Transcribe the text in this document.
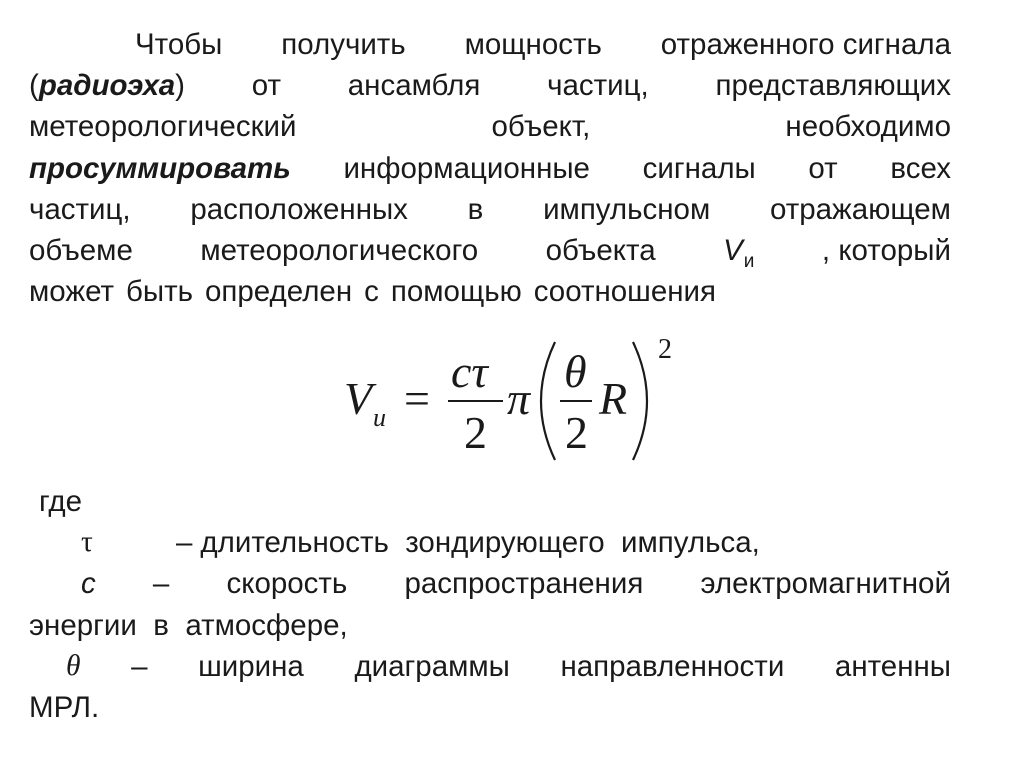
Чтобы получить мощность отраженного сигнала
(радиоэха) от ансамбля частиц, представляющих
метеорологический	объект,	необходимо
просуммировать информационные сигналы от всех
частиц, расположенных в импульсном отражающем
объеме метеорологического объекта $V_и$ , который
может быть определен с помощью соотношения
V и =
cτ
2
π
θ
2
R
2
где
τ	– длительность  зондирующего  импульса,
c – скорость распространения электромагнитной
энергии  в  атмосфере,
θ – ширина диаграммы направленности антенны
МРЛ.
